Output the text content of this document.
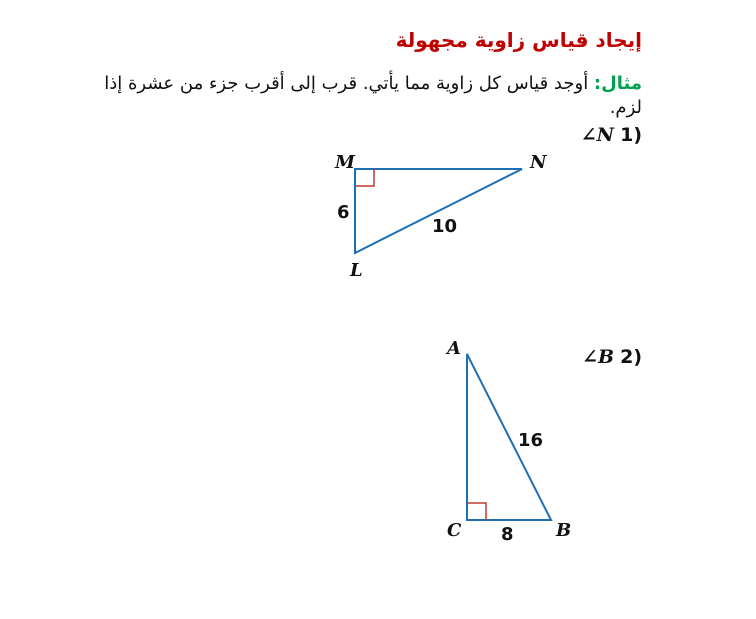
إيجاد قياس زاوية مجهولة
مثال: أوجد قياس كل زاوية مما يأتي. قرب إلى أقرب جزء من عشرة إذا لزم.
∠N 1)
∠B 2)
M	N
L
6
10
A
C	B
16
8
